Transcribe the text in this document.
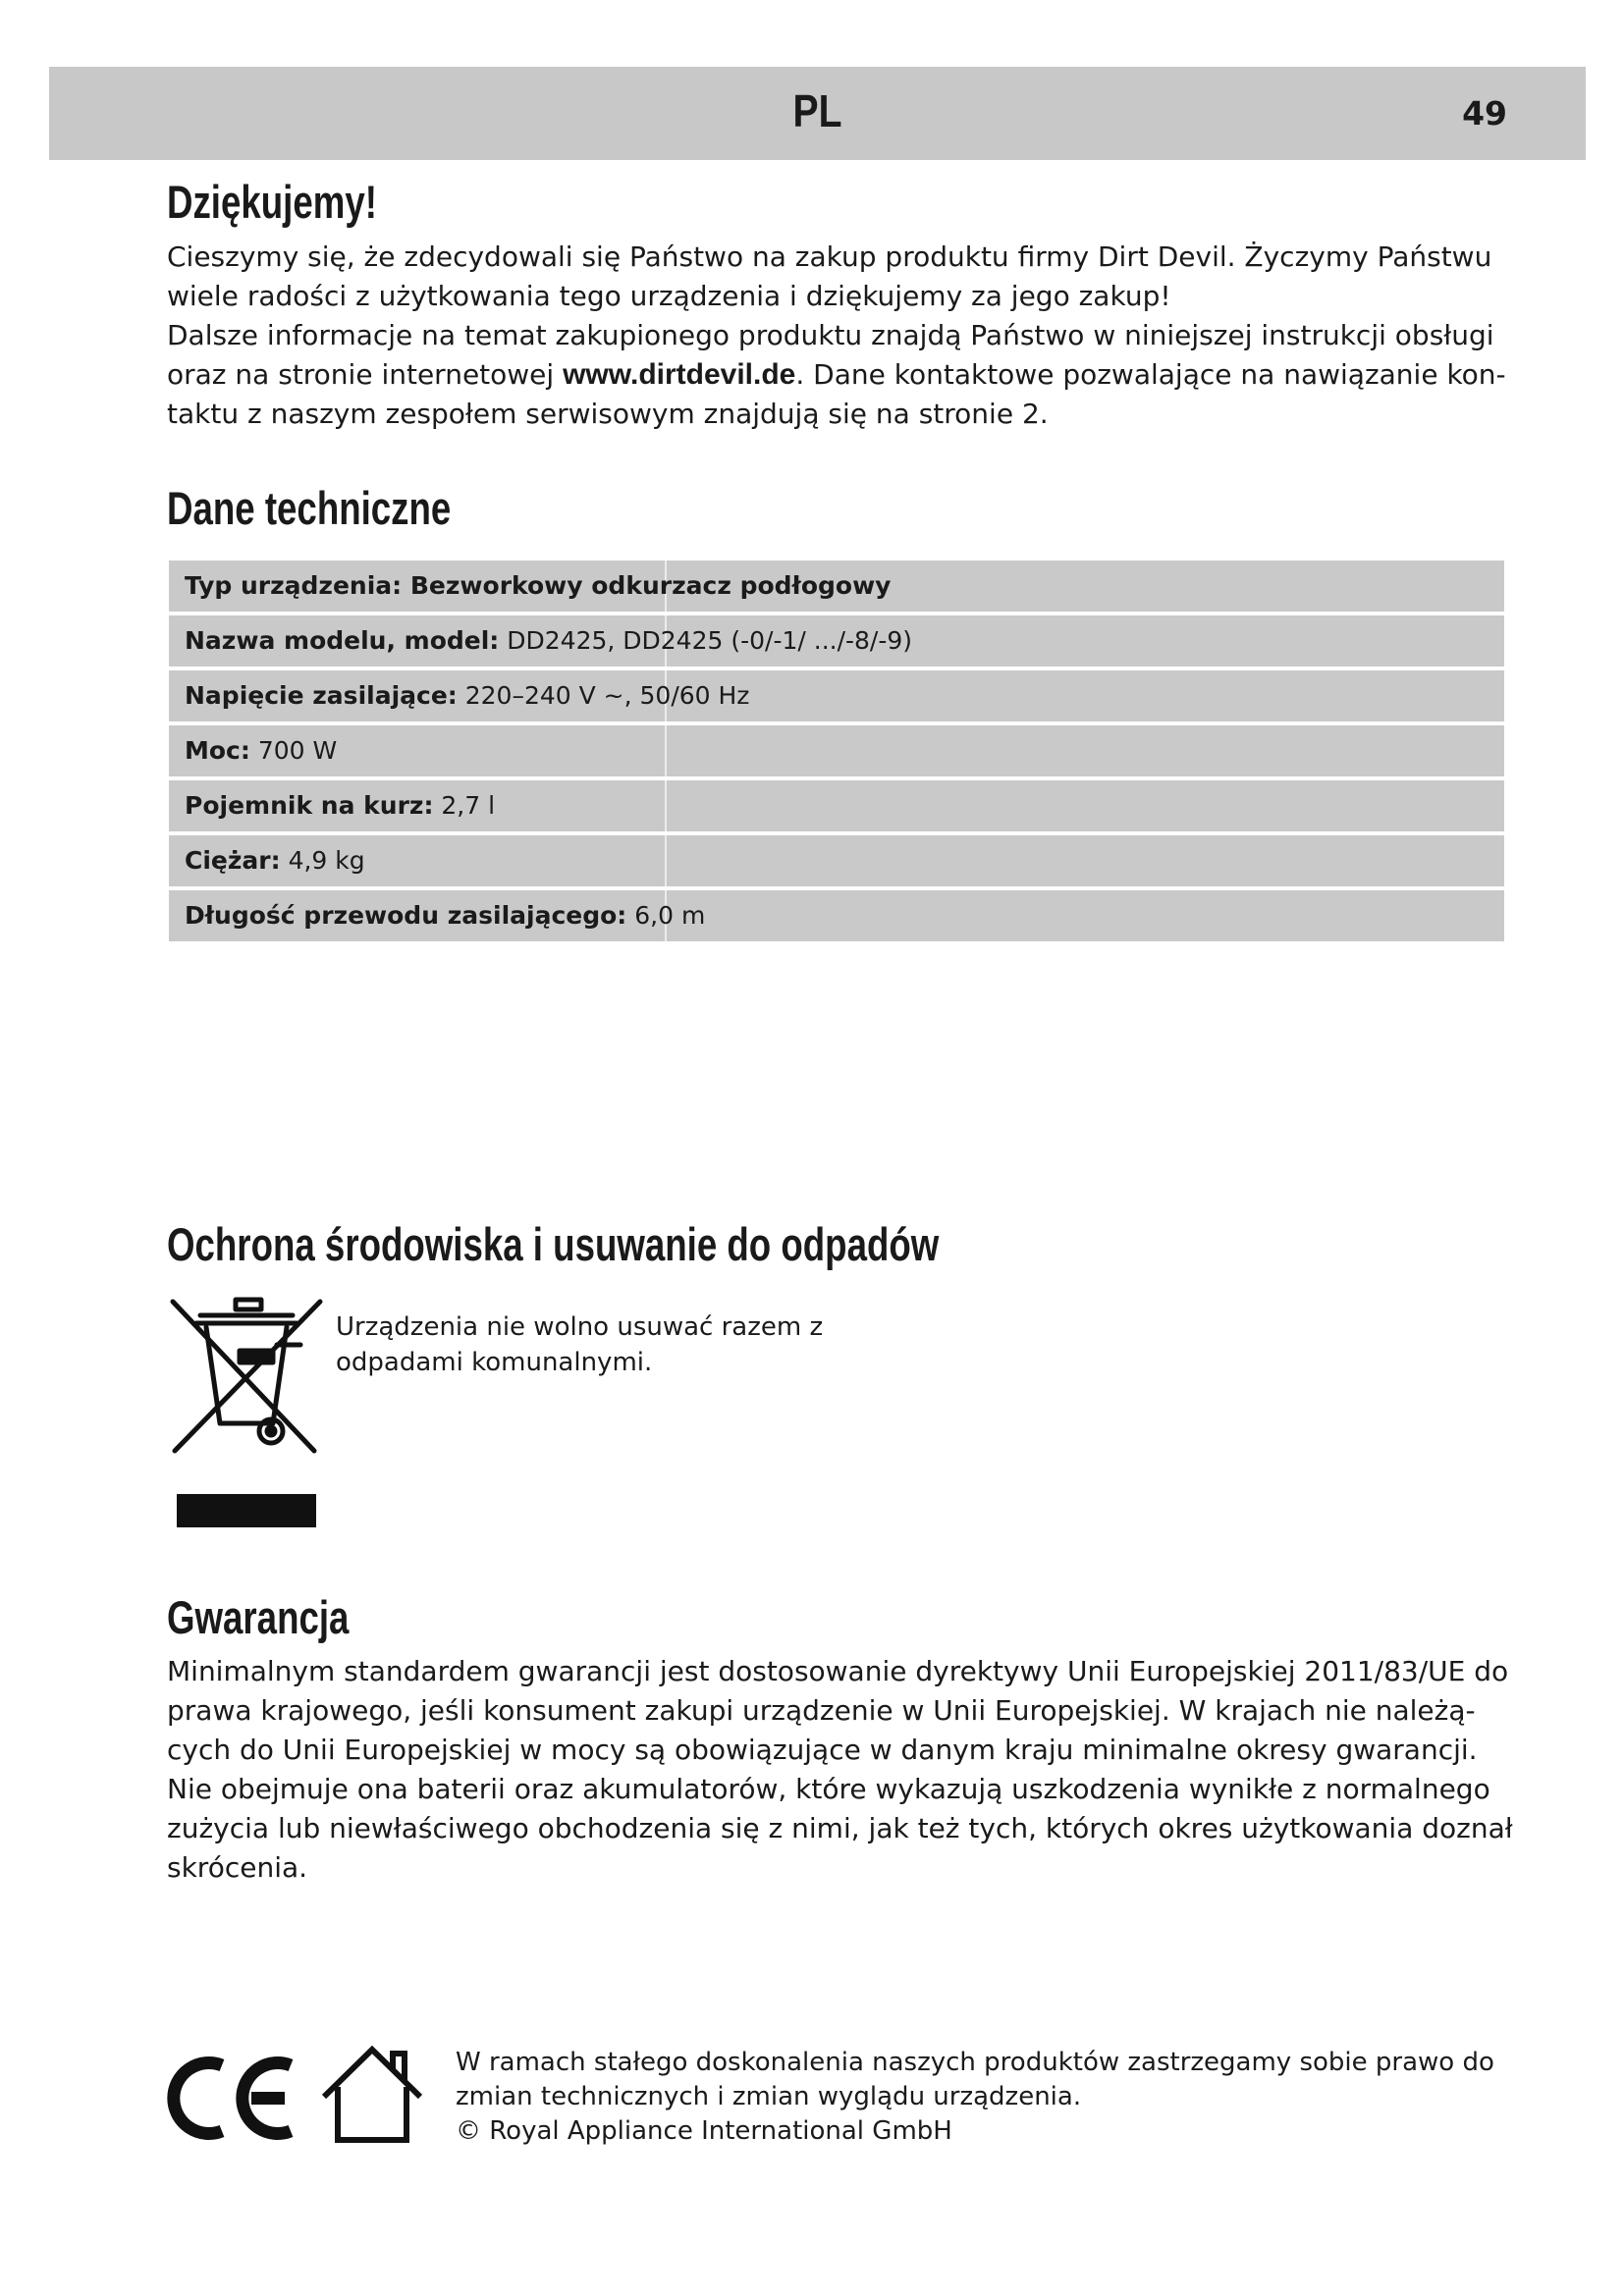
PL	49
Dziękujemy!
Cieszymy się, że zdecydowali się Państwo na zakup produktu firmy Dirt Devil. Życzymy Państwu
wiele radości z użytkowania tego urządzenia i dziękujemy za jego zakup!
Dalsze informacje na temat zakupionego produktu znajdą Państwo w niniejszej instrukcji obsługi
oraz na stronie internetowej www.dirtdevil.de. Dane kontaktowe pozwalające na nawiązanie kon-
taktu z naszym zespołem serwisowym znajdują się na stronie 2.
Dane techniczne
Typ urządzenia: Bezworkowy odkurzacz podłogowy
Nazwa modelu, model: DD2425, DD2425 (-0/-1/ .../-8/-9)
Napięcie zasilające: 220–240 V ~, 50/60 Hz
Moc: 700 W
Pojemnik na kurz: 2,7 l
Ciężar: 4,9 kg
Długość przewodu zasilającego: 6,0 m
Ochrona środowiska i usuwanie do odpadów
Urządzenia nie wolno usuwać razem z
odpadami komunalnymi.
Gwarancja
Minimalnym standardem gwarancji jest dostosowanie dyrektywy Unii Europejskiej 2011/83/UE do
prawa krajowego, jeśli konsument zakupi urządzenie w Unii Europejskiej. W krajach nie należą-
cych do Unii Europejskiej w mocy są obowiązujące w danym kraju minimalne okresy gwarancji.
Nie obejmuje ona baterii oraz akumulatorów, które wykazują uszkodzenia wynikłe z normalnego
zużycia lub niewłaściwego obchodzenia się z nimi, jak też tych, których okres użytkowania doznał
skrócenia.
W ramach stałego doskonalenia naszych produktów zastrzegamy sobie prawo do
zmian technicznych i zmian wyglądu urządzenia.
© Royal Appliance International GmbH
